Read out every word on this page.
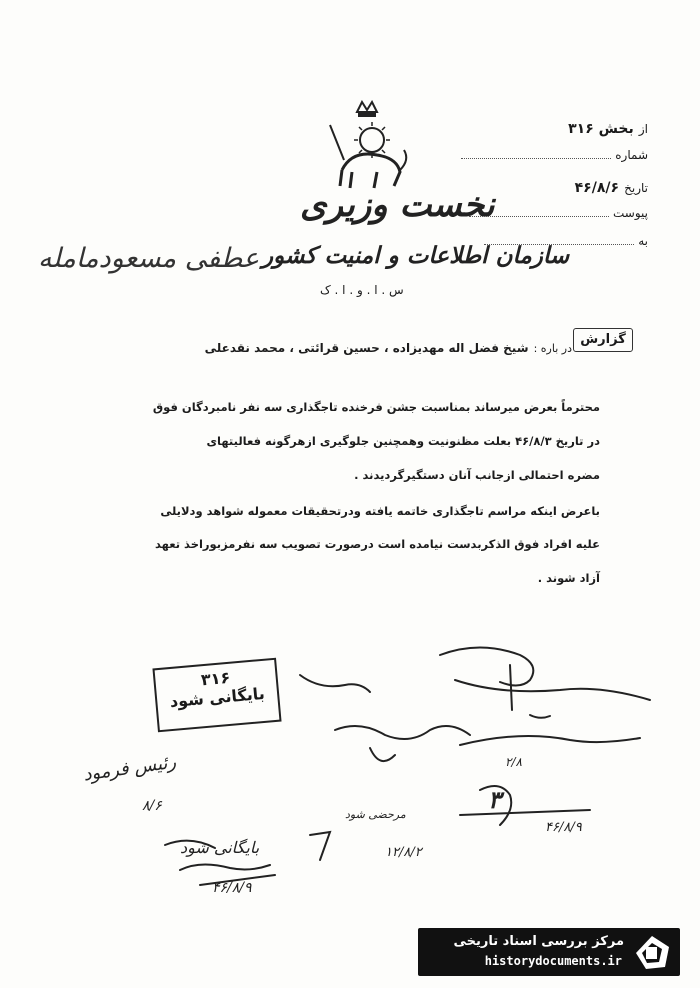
نخست وزیری
سازمان اطلاعات و امنیت کشور
س . ا . و . ا . ک
عطفی مسعودمامله
از بخش ۳۱۶
شماره
تاریخ ۴۶/۸/۶
پیوست
به
گزارش
در باره : شیخ فضل اله مهدیزاده ، حسین قرائتی ، محمد نقدعلی
محترماً بعرض میرساند بمناسبت جشن فرخنده تاجگذاری سه نفر نامبردگان فوق
در تاریخ ۴۶/۸/۳ بعلت مظنونیت وهمچنین جلوگیری ازهرگونه فعالیتهای
مضره احتمالی ازجانب آنان دستگیرگردیدند .
باعرض اینکه مراسم تاجگذاری خاتمه یافته ودرتحقیقات معموله شواهد ودلایلی
علیه افراد فوق الذکربدست نیامده است درصورت تصویب سه نفرمزبوراخذ تعهد
آزاد شوند .
۳۱۶
بایگانی شود
رئیس فرمود
۸/۶
مرحضی شود
۱۲/۸/۲
بایگانی شود
۴۶/۸/۹
۲/۸
۴۶/۸/۹
۳
مرکز بررسی اسناد تاریخی
historydocuments.ir
